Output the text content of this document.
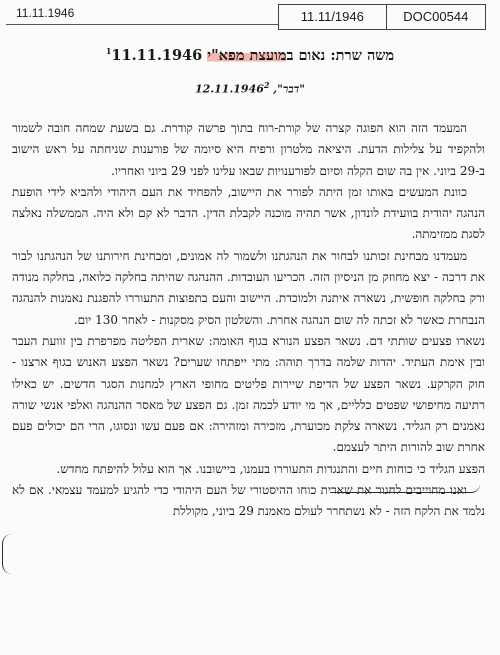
11.11.1946	11.11/1946	DOC00544
משה שרת: נאום במועצת מפא"י 11.11.1946$^1$
"דבר", 12.11.1946$^2$

המעמד הזה הוא הפוגה קצרה של קורת-רוח בתוך פרשה קודרת. גם בשעת שמחה חובה לשמור ולהקפיד על צלילות הדעת. היציאה מלטרון ורפיח היא סיומה של פורענות שניחתה על ראש הישוב ב-29 ביוני. אין בה שום הקלה וסיום לפורענויות שבאו עלינו לפני 29 ביוני ואחריו.

כוונת המעשים באותו זמן היתה לפורר את היישוב, להפחיד את העם היהודי ולהביא לידי הופעת הנהגה יהודית בוועידת לונדון, אשר תהיה מוכנה לקבלת הדין. הדבר לא קם ולא היה. הממשלה נאלצה לסגת ממזימתה.

מעמדנו מבחינת זכותנו לבחור את הנהגתנו ולשמור לה אמונים, ומבחינת חירותנו של הנהגתנו לבור את דרכה - יצא מחוזק מן הניסיון הזה. הכריעו העובדות. ההנהגה שהיתה בחלקה כלואה, בחלקה מנודה ורק בחלקה חופשית, נשארה איתנה ולמוכדת. היישוב והעם בתפוצות התעוררו להפגנת נאמנות להנהגה הנבחרת כאשר לא זכתה לה שום הנהגה אחרת. והשלטון הסיק מסקנות - לאחר 130 יום.

נשארו פצעים שותתי דם. נשאר הפצע הנורא בגוף האומה: שארית הפליטה מפרפרת בין זוועת העבר ובין אימת העתיד. יהדות שלמה בדרך תוהה: מתי ייפתחו שערים? נשאר הפצע האנוש בגוף ארצנו - חוק הקרקע. נשאר הפצע של הדיפת שיירות פליטים מחופי הארץ למחנות הסגר חדשים. יש כאילו רתיעה מחיפושי שפטים כלליים, אך מי יודע לכמה זמן. גם הפצע של מאסר ההנהגה ואלפי אנשי שורה נאמנים רק הגליד. נשארה צלקת מכוערת, מזכירה ומזהירה: אם פעם עשו ונסוגו, הרי הם יכולים פעם אחרת שוב להורות היתר לעצמם.

הפצע הגליד כי כוחות חיים והתנגדות התעוררו בעמנו, ביישובנו. אך הוא עלול להיפתח מחדש.

ואנו מחוייבים לחגור את שארית כוחו ההיסטורי של העם היהודי כדי להגיע למעמד עצמאי. אם לא נלמד את הלקח הזה - לא נשתחרר לעולם מאמנת 29 ביוני, מקוללת
